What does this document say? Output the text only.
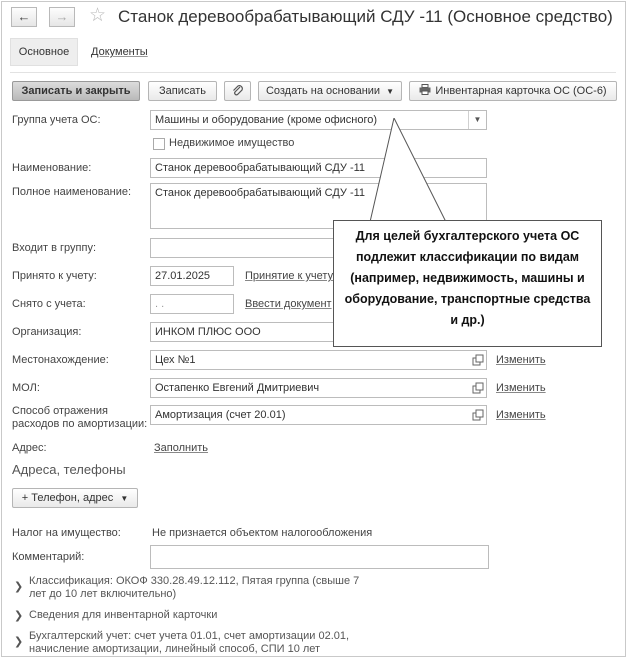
←	→	☆ Станок деревообрабатывающий СДУ -11 (Основное средство)
Основное	Документы
Записать и закрыть	Записать	Создать на основании ▼	Инвентарная карточка ОС (ОС-6)
Группа учета ОС:	Машины и оборудование (кроме офисного)	▼
Недвижимое имущество
Наименование:	Станок деревообрабатывающий СДУ -11
Полное наименование:	Станок деревообрабатывающий СДУ -11
Входит в группу:
Принято к учету:	27.01.2025	Принятие к учету
Снято с учета:	. .	Ввести документ
Организация:	ИНКОМ ПЛЮС ООО
Местонахождение:	Цех №1	Изменить
МОЛ:	Остапенко Евгений Дмитриевич	Изменить
Способ отражения
расходов по амортизации:
Амортизация (счет 20.01)	Изменить
Адрес:	Заполнить
Адреса, телефоны
+ Телефон, адрес ▼
Налог на имущество:	Не признается объектом налогообложения
Комментарий:
❯ Классификация: ОКОФ 330.28.49.12.112, Пятая группа (свыше 7
лет до 10 лет включительно)
❯ Сведения для инвентарной карточки
❯ Бухгалтерский учет: счет учета 01.01, счет амортизации 02.01,
начисление амортизации, линейный способ, СПИ 10 лет
Для целей бухгалтерского учета ОС подлежит классификации по видам (например, недвижимость, машины и оборудование, транспортные средства и др.)
